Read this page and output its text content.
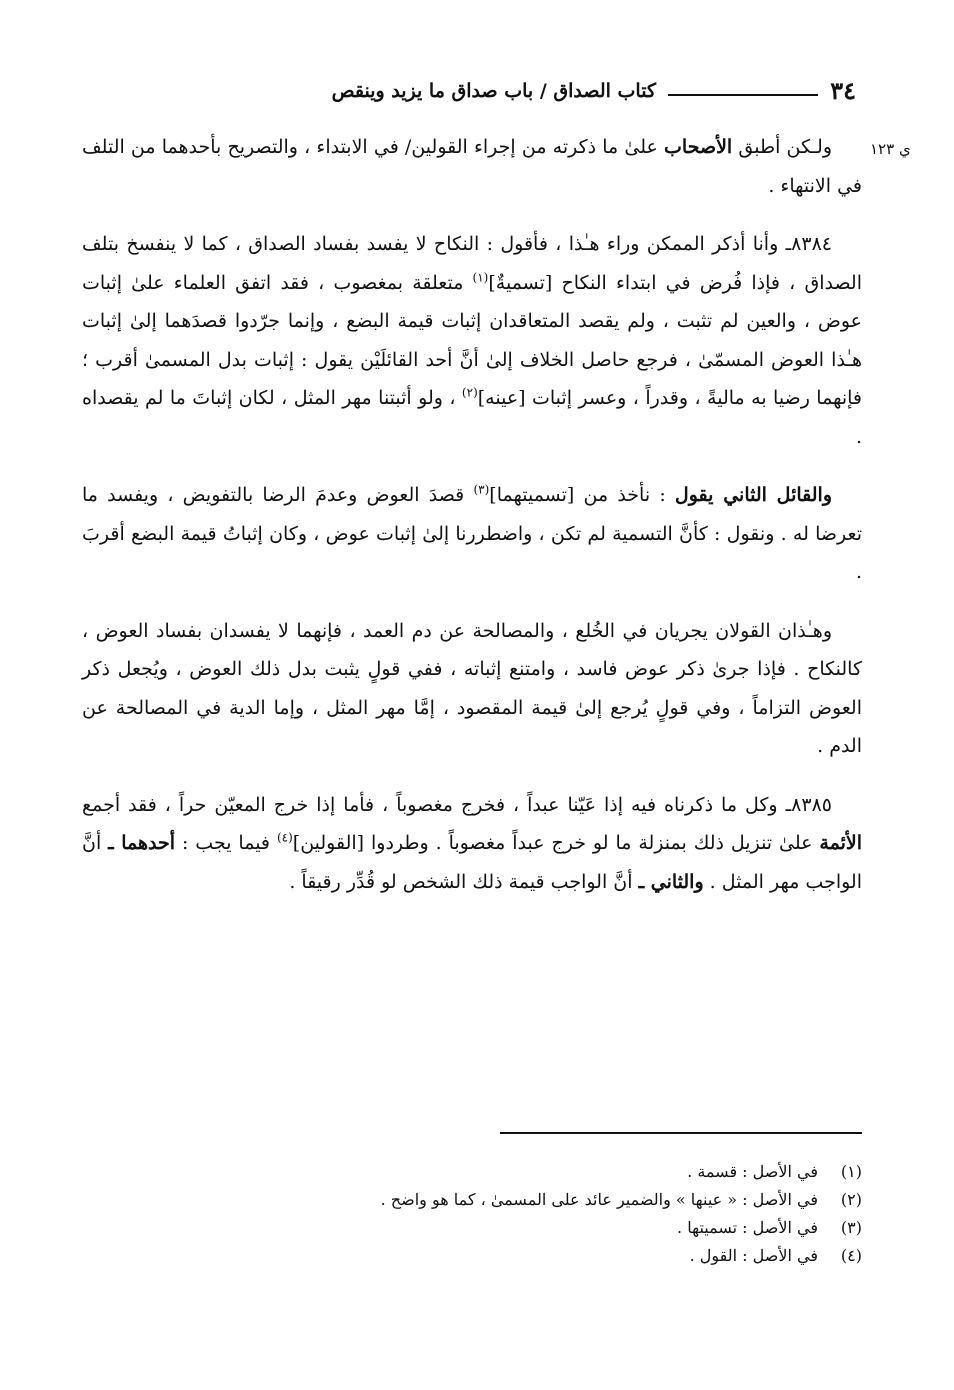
٣٤
كتاب الصداق / باب صداق ما يزيد وينقص
ي ١٢٣

ولـكن أطبق الأصحاب علىٰ ما ذكرته من إجراء القولين/ في الابتداء ، والتصريح بأحدهما من التلف في الانتهاء .

٨٣٨٤ـ وأنا أذكر الممكن وراء هـٰذا ، فأقول : النكاح لا يفسد بفساد الصداق ، كما لا ينفسخ بتلف الصداق ، فإذا فُرض في ابتداء النكاح [تسميةٌ]$^{(١)}$ متعلقة بمغصوب ، فقد اتفق العلماء علىٰ إثبات عوض ، والعين لم تثبت ، ولم يقصد المتعاقدان إثبات قيمة البضع ، وإنما جرّدوا قصدَهما إلىٰ إثبات هـٰذا العوض المسمّىٰ ، فرجع حاصل الخلاف إلىٰ أنَّ أحد القائلَيْن يقول : إثبات بدل المسمىٰ أقرب ؛ فإنهما رضيا به ماليةً ، وقدراً ، وعسر إثبات [عينه]$^{(٢)}$ ، ولو أثبتنا مهر المثل ، لكان إثباتَ ما لم يقصداه .

والقائل الثاني يقول : نأخذ من [تسميتهما]$^{(٣)}$ قصدَ العوض وعدمَ الرضا بالتفويض ، ويفسد ما تعرضا له . ونقول : كأنَّ التسمية لم تكن ، واضطررنا إلىٰ إثبات عوض ، وكان إثباتُ قيمة البضع أقربَ .

وهـٰذان القولان يجريان في الخُلع ، والمصالحة عن دم العمد ، فإنهما لا يفسدان بفساد العوض ، كالنكاح . فإذا جرىٰ ذكر عوض فاسد ، وامتنع إثباته ، ففي قولٍ يثبت بدل ذلك العوض ، ويُجعل ذكر العوض التزاماً ، وفي قولٍ يُرجع إلىٰ قيمة المقصود ، إمَّا مهر المثل ، وإما الدية في المصالحة عن الدم .

٨٣٨٥ـ وكل ما ذكرناه فيه إذا عَيّنا عبداً ، فخرج مغصوباً ، فأما إذا خرج المعيّن حراً ، فقد أجمع الأئمة علىٰ تنزيل ذلك بمنزلة ما لو خرج عبداً مغصوباً . وطردوا [القولين]$^{(٤)}$ فيما يجب : أحدهما ـ أنَّ الواجب مهر المثل . والثاني ـ أنَّ الواجب قيمة ذلك الشخص لو قُدِّر رقيقاً .

(١)في الأصل : قسمة .

(٢)في الأصل : « عينها » والضمير عائد على المسمىٰ ، كما هو واضح .

(٣)في الأصل : تسميتها .

(٤)في الأصل : القول .
